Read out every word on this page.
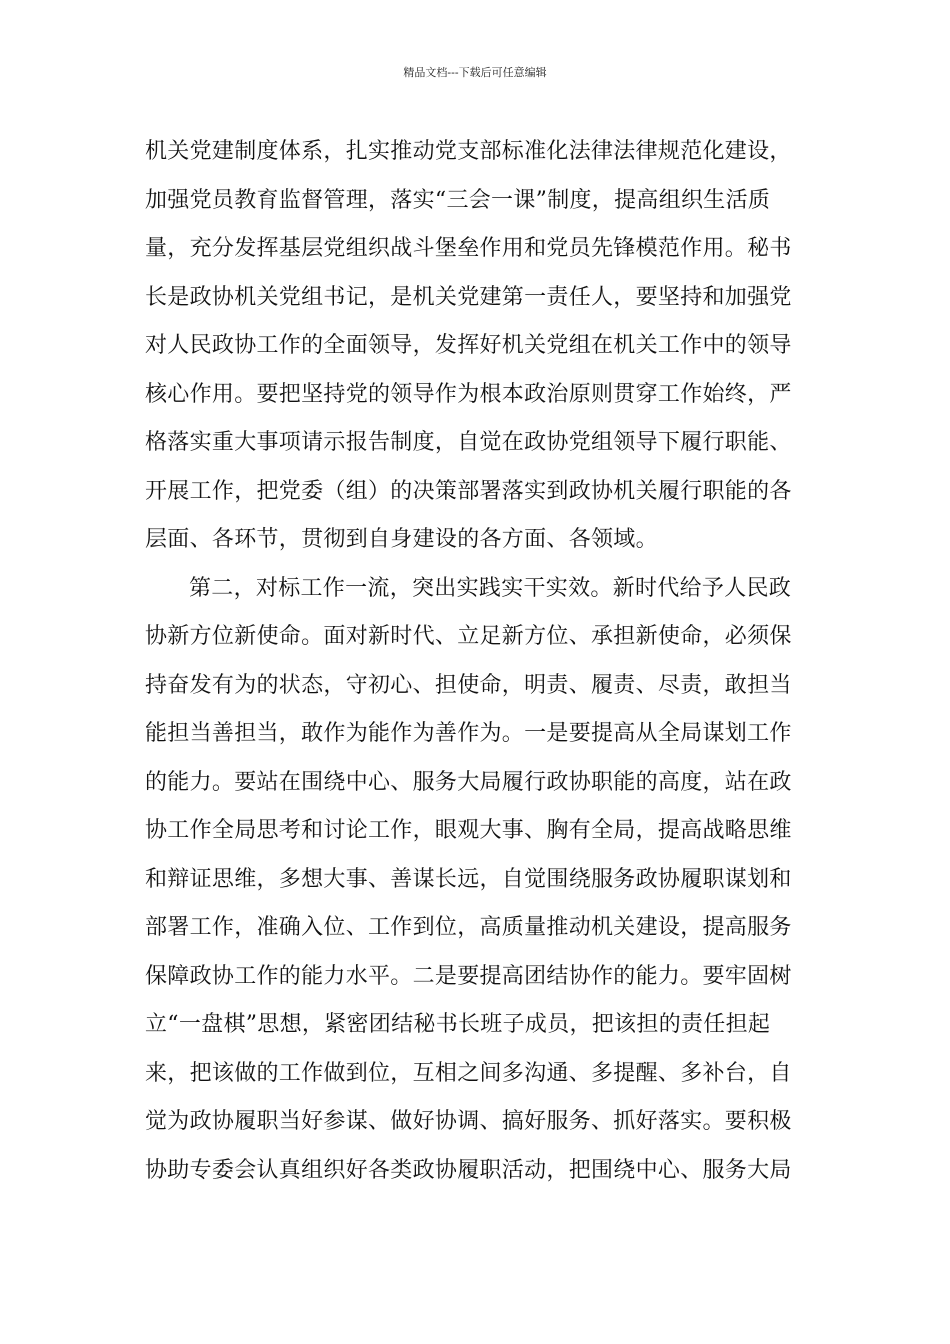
精品文档---下载后可任意编辑
机关党建制度体系，扎实推动党支部标准化法律法律规范化建设，
加强党员教育监督管理，落实“三会一课”制度，提高组织生活质
量，充分发挥基层党组织战斗堡垒作用和党员先锋模范作用。秘书
长是政协机关党组书记，是机关党建第一责任人，要坚持和加强党
对人民政协工作的全面领导，发挥好机关党组在机关工作中的领导
核心作用。要把坚持党的领导作为根本政治原则贯穿工作始终，严
格落实重大事项请示报告制度，自觉在政协党组领导下履行职能、
开展工作，把党委（组）的决策部署落实到政协机关履行职能的各
层面、各环节，贯彻到自身建设的各方面、各领域。
第二，对标工作一流，突出实践实干实效。新时代给予人民政
协新方位新使命。面对新时代、立足新方位、承担新使命，必须保
持奋发有为的状态，守初心、担使命，明责、履责、尽责，敢担当
能担当善担当，敢作为能作为善作为。一是要提高从全局谋划工作
的能力。要站在围绕中心、服务大局履行政协职能的高度，站在政
协工作全局思考和讨论工作，眼观大事、胸有全局，提高战略思维
和辩证思维，多想大事、善谋长远，自觉围绕服务政协履职谋划和
部署工作，准确入位、工作到位，高质量推动机关建设，提高服务
保障政协工作的能力水平。二是要提高团结协作的能力。要牢固树
立“一盘棋”思想，紧密团结秘书长班子成员，把该担的责任担起
来，把该做的工作做到位，互相之间多沟通、多提醒、多补台，自
觉为政协履职当好参谋、做好协调、搞好服务、抓好落实。要积极
协助专委会认真组织好各类政协履职活动，把围绕中心、服务大局
